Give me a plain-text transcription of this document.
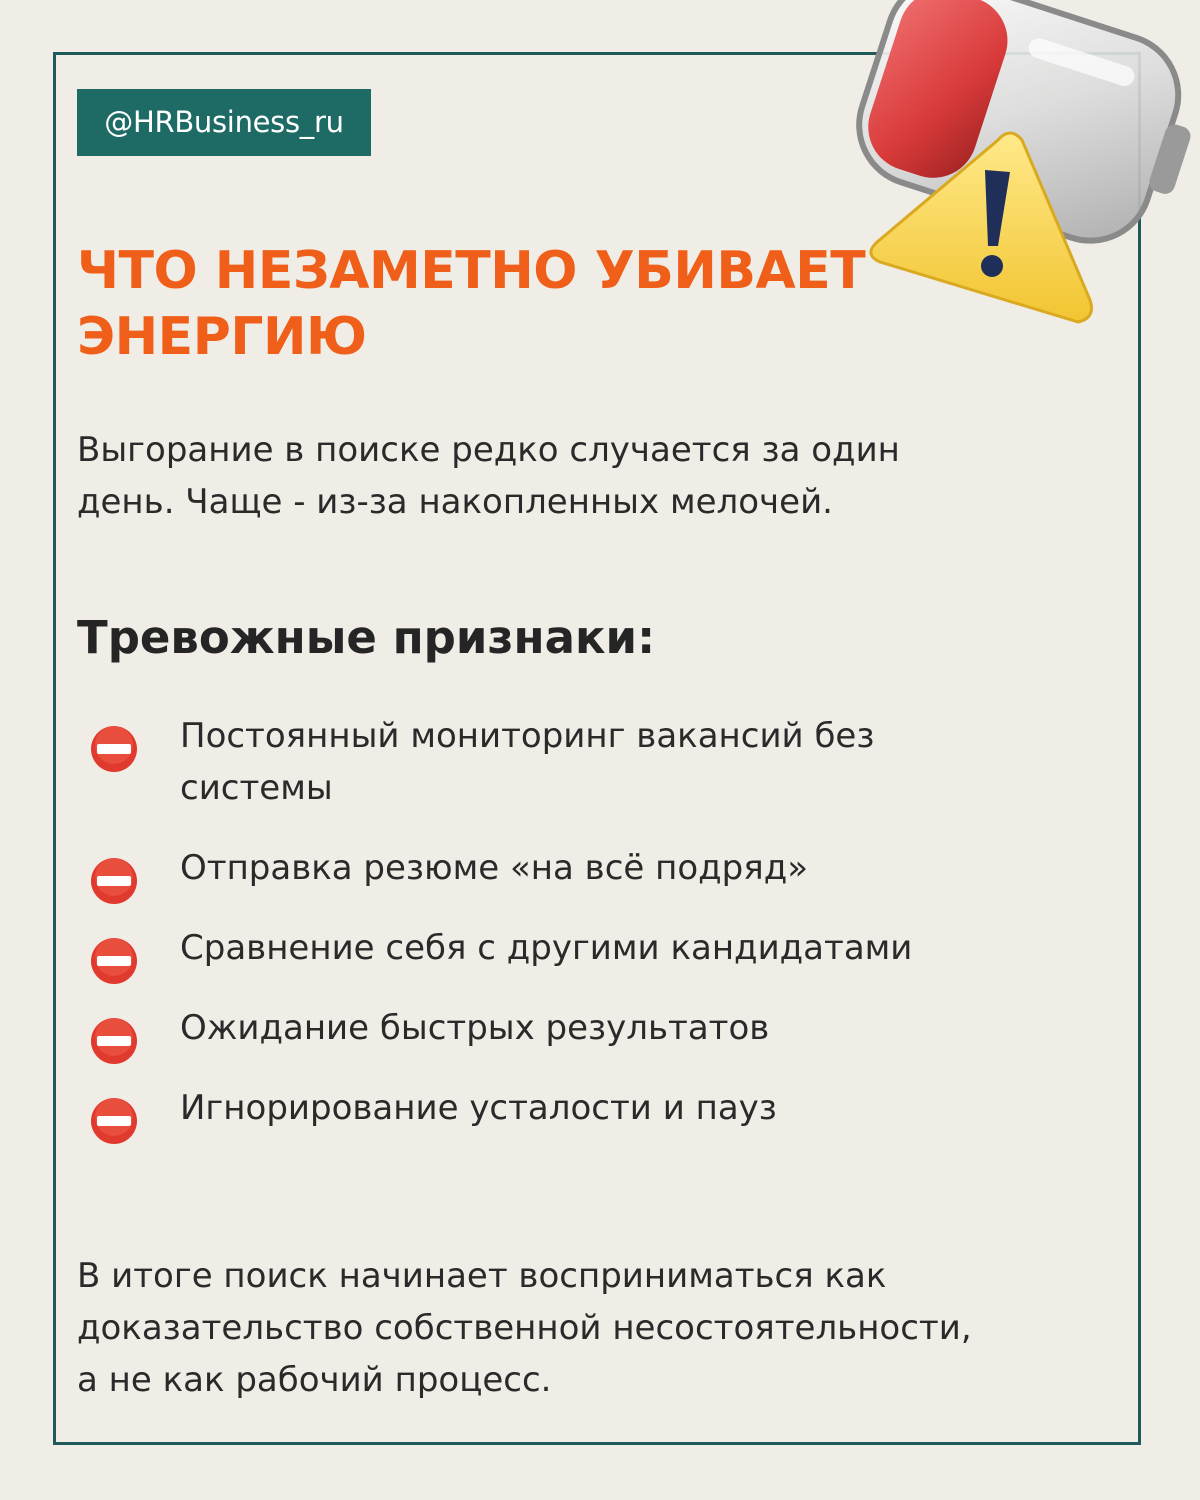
@HRBusiness_ru
ЧТО НЕЗАМЕТНО УБИВАЕТ
ЭНЕРГИЮ

Выгорание в поиске редко случается за один
день. Чаще - из-за накопленных мелочей.

Тревожные признаки:
Постоянный мониторинг вакансий без
системы
Отправка резюме «на всё подряд»
Сравнение себя с другими кандидатами
Ожидание быстрых результатов
Игнорирование усталости и пауз

В итоге поиск начинает восприниматься как
доказательство собственной несостоятельности,
а не как рабочий процесс.
